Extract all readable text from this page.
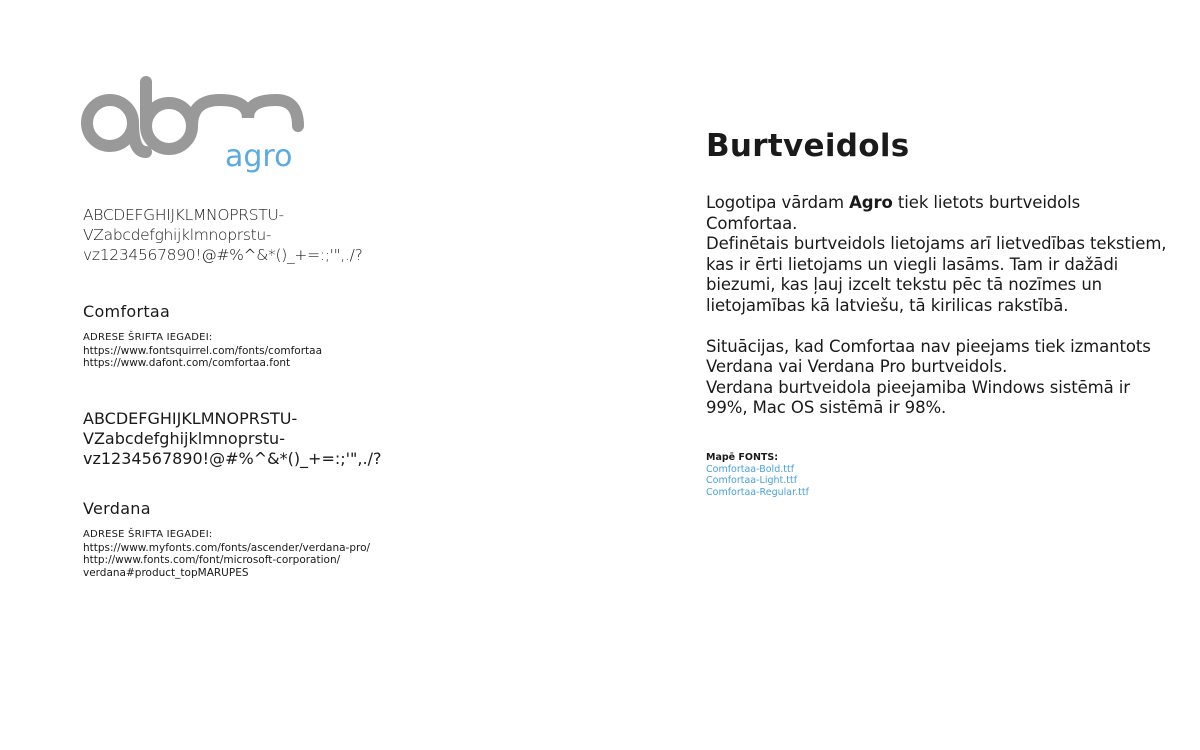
agro
ABCDEFGHIJKLMNOPRSTU-
VZabcdefghijklmnoprstu-
vz1234567890!@#%^&*()_+=:;'",./?
Comfortaa
ADRESE ŠRIFTA IEGADEI:
https://www.fontsquirrel.com/fonts/comfortaa
https://www.dafont.com/comfortaa.font
ABCDEFGHIJKLMNOPRSTU-
VZabcdefghijklmnoprstu-
vz1234567890!@#%^&*()_+=:;'",./?
Verdana
ADRESE ŠRIFTA IEGADEI:
https://www.myfonts.com/fonts/ascender/verdana-pro/
http://www.fonts.com/font/microsoft-corporation/
verdana#product_topMARUPES
Burtveidols

Logotipa vārdam Agro tiek lietots burtveidols Comfortaa.

Definētais burtveidols lietojams arī lietvedības tekstiem, kas ir ērti lietojams un viegli lasāms. Tam ir dažādi biezumi, kas ļauj izcelt tekstu pēc tā nozīmes un lietojamības kā latviešu, tā kirilicas rakstībā.

Situācijas, kad Comfortaa nav pieejams tiek izmantots Verdana vai Verdana Pro burtveidols.

Verdana burtveidola pieejamiba Windows sistēmā ir 99%, Mac OS sistēmā ir 98%.

Mapē FONTS:
Comfortaa-Bold.ttf
Comfortaa-Light.ttf
Comfortaa-Regular.ttf
